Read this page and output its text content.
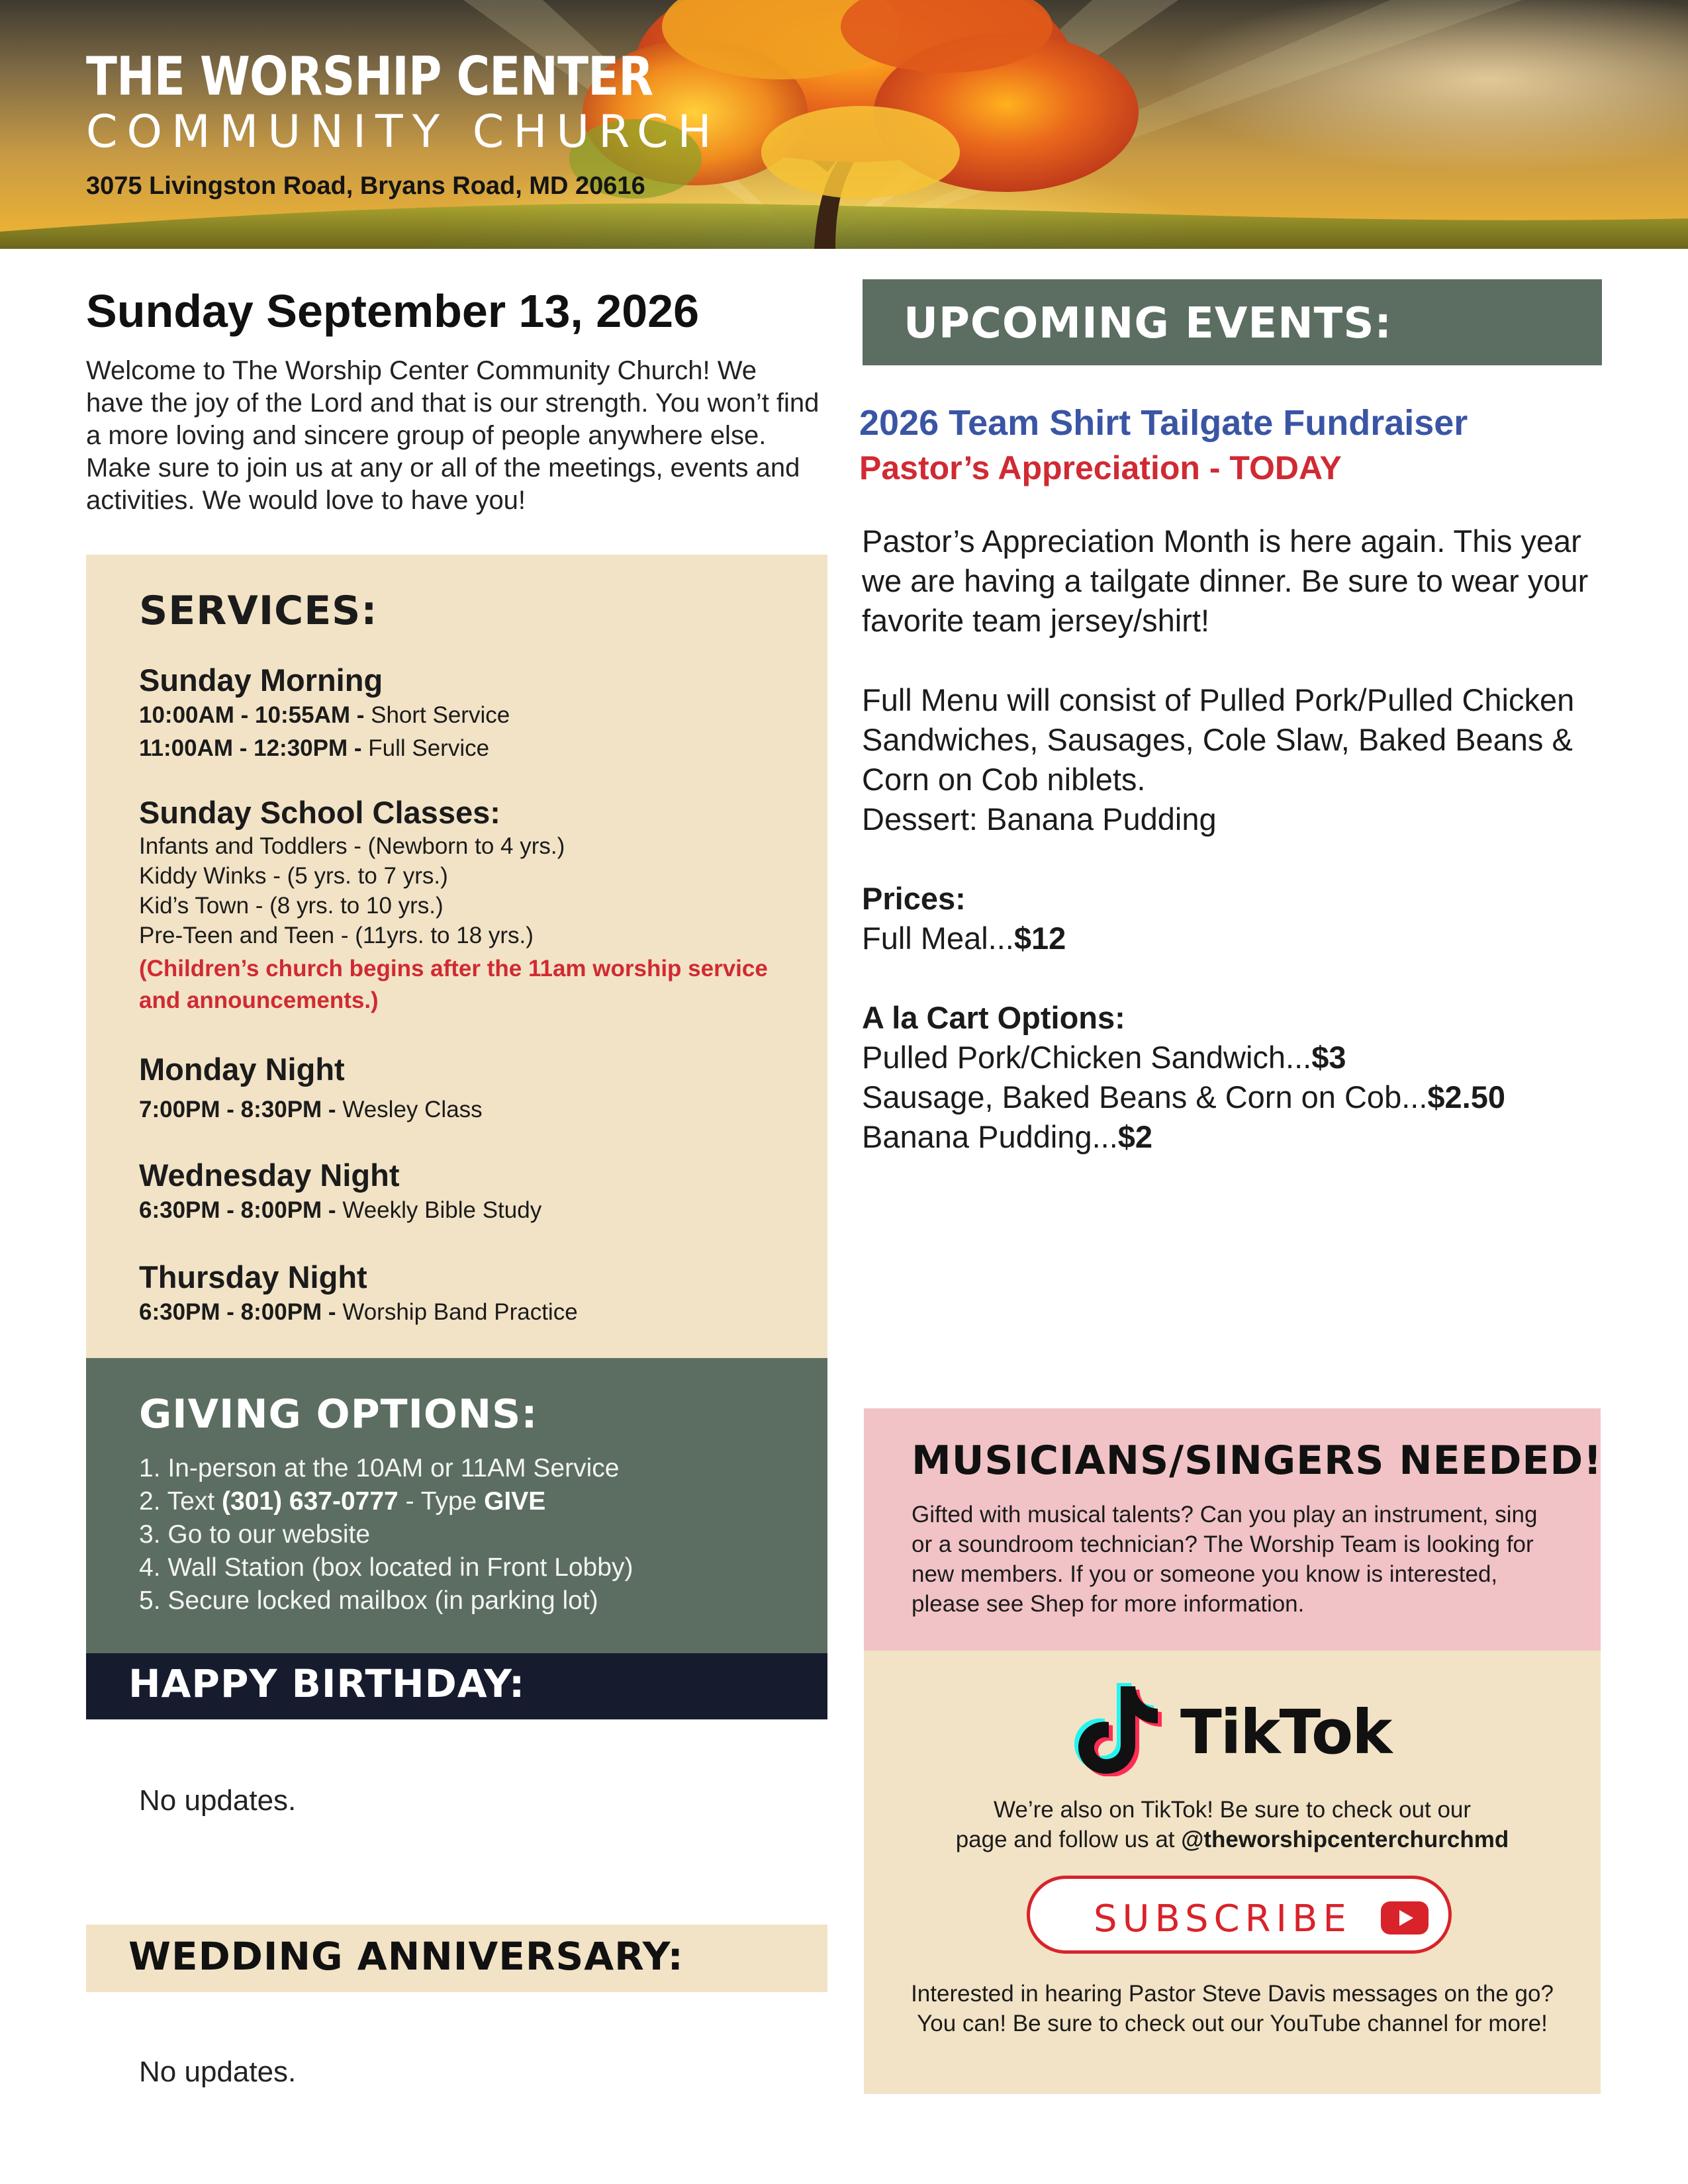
THE WORSHIP CENTER
COMMUNITY CHURCH
3075 Livingston Road, Bryans Road, MD 20616
Sunday September 13, 2026
Welcome to The Worship Center Community Church! We have the joy of the Lord and that is our strength. You won’t find a more loving and sincere group of people anywhere else. Make sure to join us at any or all of the meetings, events and activities. We would love to have you!
SERVICES:
Sunday Morning
10:00AM - 10:55AM - Short Service
11:00AM - 12:30PM - Full Service
Sunday School Classes:
Infants and Toddlers - (Newborn to 4 yrs.)
Kiddy Winks - (5 yrs. to 7 yrs.)
Kid’s Town - (8 yrs. to 10 yrs.)
Pre-Teen and Teen - (11yrs. to 18 yrs.)
(Children’s church begins after the 11am worship service and announcements.)
Monday Night
7:00PM - 8:30PM - Wesley Class
Wednesday Night
6:30PM - 8:00PM - Weekly Bible Study
Thursday Night
6:30PM - 8:00PM - Worship Band Practice
GIVING OPTIONS:
1. In-person at the 10AM or 11AM Service
2. Text (301) 637-0777 - Type GIVE
3. Go to our website
4. Wall Station (box located in Front Lobby)
5. Secure locked mailbox (in parking lot)
HAPPY BIRTHDAY:
No updates.
WEDDING ANNIVERSARY:
No updates.
UPCOMING EVENTS:
2026 Team Shirt Tailgate Fundraiser
Pastor’s Appreciation - TODAY
Pastor’s Appreciation Month is here again. This year we are having a tailgate dinner. Be sure to wear your favorite team jersey/shirt!
Full Menu will consist of Pulled Pork/Pulled Chicken Sandwiches, Sausages, Cole Slaw, Baked Beans & Corn on Cob niblets.
Dessert: Banana Pudding
Prices:
Full Meal...$12
A la Cart Options:
Pulled Pork/Chicken Sandwich...$3
Sausage, Baked Beans & Corn on Cob...$2.50
Banana Pudding...$2
MUSICIANS/SINGERS NEEDED!
Gifted with musical talents? Can you play an instrument, sing or a soundroom technician? The Worship Team is looking for new members. If you or someone you know is interested, please see Shep for more information.
TikTok
We’re also on TikTok! Be sure to check out our
page and follow us at @theworshipcenterchurchmd
SUBSCRIBE
Interested in hearing Pastor Steve Davis messages on the go? You can! Be sure to check out our YouTube channel for more!
